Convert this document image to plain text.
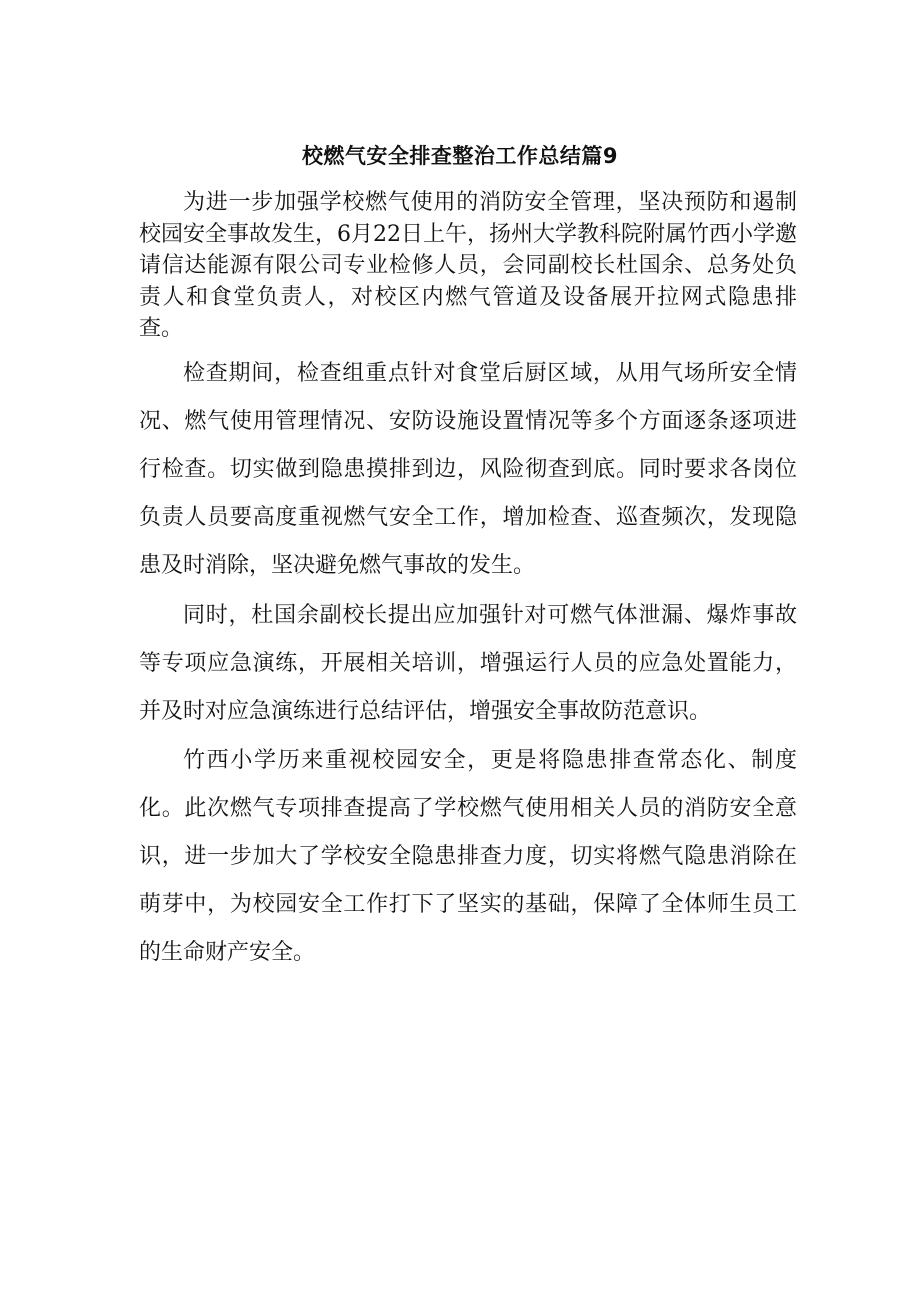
校燃气安全排查整治工作总结篇9

为进一步加强学校燃气使用的消防安全管理，坚决预防和遏制校园安全事故发生，6月22日上午，扬州大学教科院附属竹西小学邀请信达能源有限公司专业检修人员，会同副校长杜国余、总务处负责人和食堂负责人，对校区内燃气管道及设备展开拉网式隐患排查。

检查期间，检查组重点针对食堂后厨区域，从用气场所安全情况、燃气使用管理情况、安防设施设置情况等多个方面逐条逐项进行检查。切实做到隐患摸排到边，风险彻查到底。同时要求各岗位负责人员要高度重视燃气安全工作，增加检查、巡查频次，发现隐患及时消除，坚决避免燃气事故的发生。

同时，杜国余副校长提出应加强针对可燃气体泄漏、爆炸事故等专项应急演练，开展相关培训，增强运行人员的应急处置能力，并及时对应急演练进行总结评估，增强安全事故防范意识。

竹西小学历来重视校园安全，更是将隐患排查常态化、制度化。此次燃气专项排查提高了学校燃气使用相关人员的消防安全意识，进一步加大了学校安全隐患排查力度，切实将燃气隐患消除在萌芽中，为校园安全工作打下了坚实的基础，保障了全体师生员工的生命财产安全。
